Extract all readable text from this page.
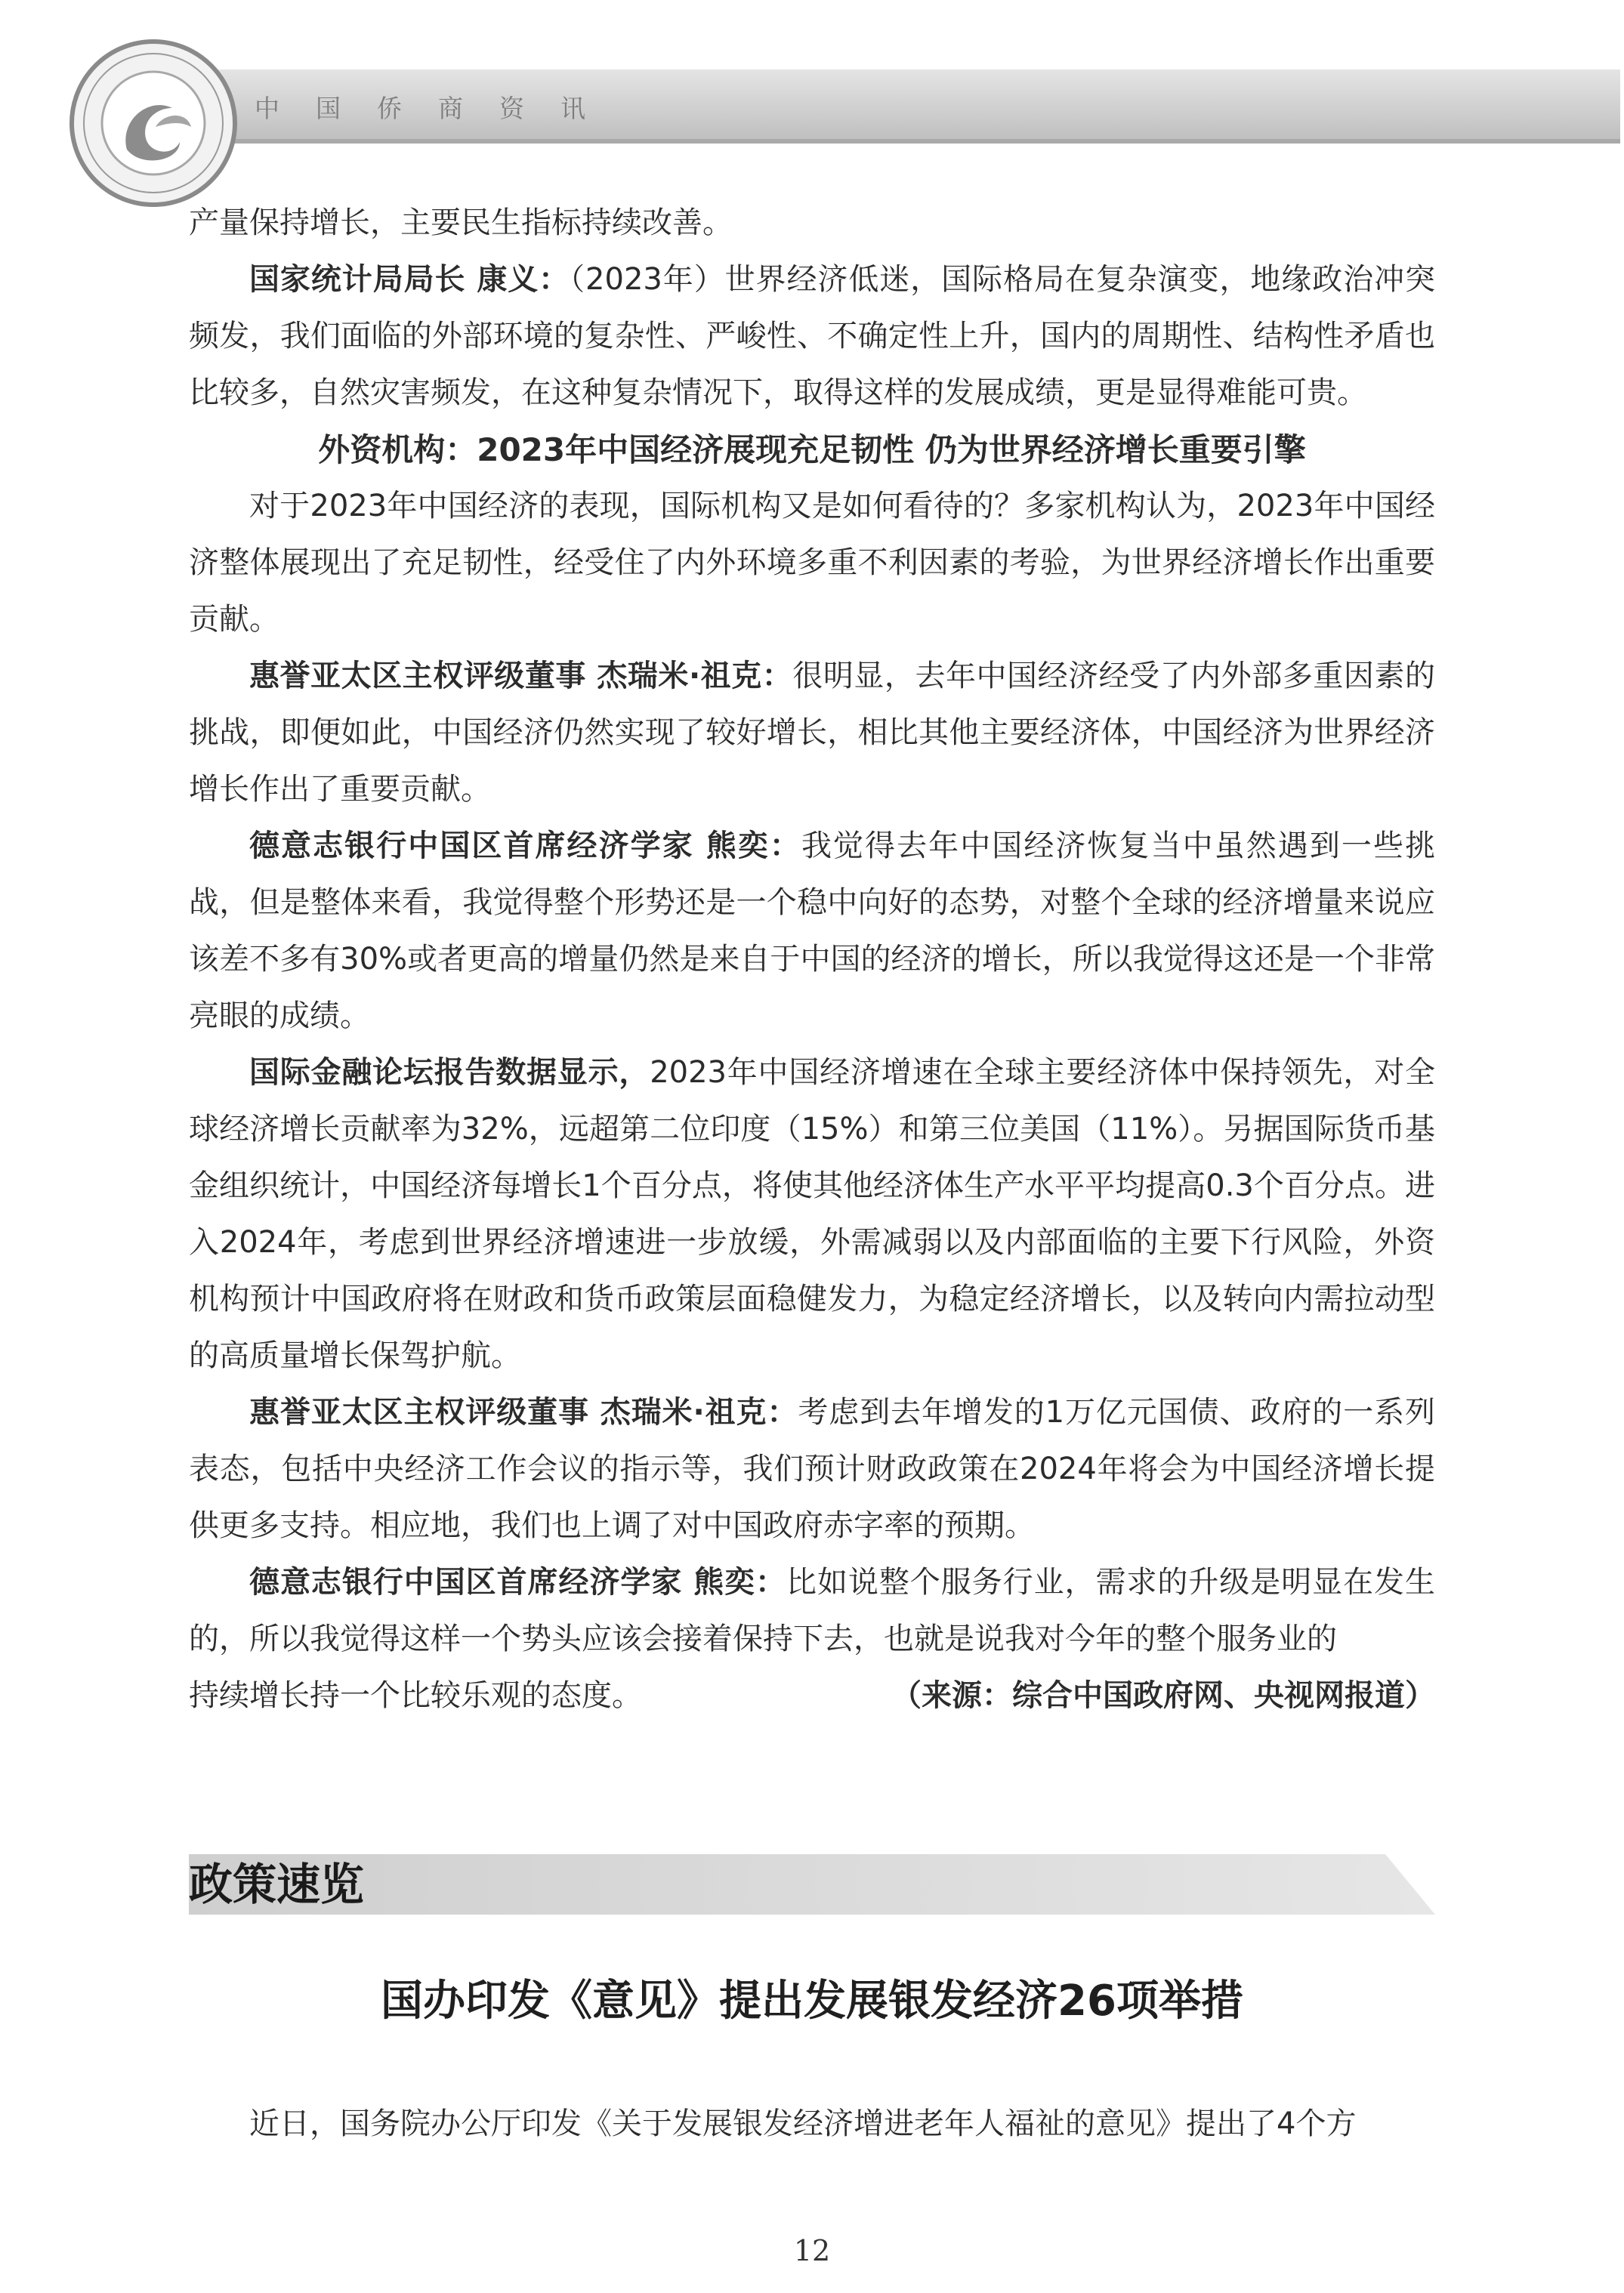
中国侨商资讯

产量保持增长，主要民生指标持续改善。

国家统计局局长 康义：（2023年）世界经济低迷，国际格局在复杂演变，地缘政治冲突频发，我们面临的外部环境的复杂性、严峻性、不确定性上升，国内的周期性、结构性矛盾也比较多，自然灾害频发，在这种复杂情况下，取得这样的发展成绩，更是显得难能可贵。

外资机构：2023年中国经济展现充足韧性 仍为世界经济增长重要引擎

对于2023年中国经济的表现，国际机构又是如何看待的？多家机构认为，2023年中国经济整体展现出了充足韧性，经受住了内外环境多重不利因素的考验，为世界经济增长作出重要贡献。

惠誉亚太区主权评级董事 杰瑞米·祖克：很明显，去年中国经济经受了内外部多重因素的挑战，即便如此，中国经济仍然实现了较好增长，相比其他主要经济体，中国经济为世界经济增长作出了重要贡献。

德意志银行中国区首席经济学家 熊奕：我觉得去年中国经济恢复当中虽然遇到一些挑战，但是整体来看，我觉得整个形势还是一个稳中向好的态势，对整个全球的经济增量来说应该差不多有30%或者更高的增量仍然是来自于中国的经济的增长，所以我觉得这还是一个非常亮眼的成绩。

国际金融论坛报告数据显示，2023年中国经济增速在全球主要经济体中保持领先，对全球经济增长贡献率为32%，远超第二位印度（15%）和第三位美国（11%）。另据国际货币基金组织统计，中国经济每增长1个百分点，将使其他经济体生产水平平均提高0.3个百分点。进入2024年，考虑到世界经济增速进一步放缓，外需减弱以及内部面临的主要下行风险，外资机构预计中国政府将在财政和货币政策层面稳健发力，为稳定经济增长，以及转向内需拉动型的高质量增长保驾护航。

惠誉亚太区主权评级董事 杰瑞米·祖克：考虑到去年增发的1万亿元国债、政府的一系列表态，包括中央经济工作会议的指示等，我们预计财政政策在2024年将会为中国经济增长提供更多支持。相应地，我们也上调了对中国政府赤字率的预期。

德意志银行中国区首席经济学家 熊奕：比如说整个服务行业，需求的升级是明显在发生的，所以我觉得这样一个势头应该会接着保持下去，也就是说我对今年的整个服务业的

持续增长持一个比较乐观的态度。	（来源：综合中国政府网、央视网报道）

政策速览
国办印发《意见》提出发展银发经济26项举措

近日，国务院办公厅印发《关于发展银发经济增进老年人福祉的意见》提出了4个方

12
